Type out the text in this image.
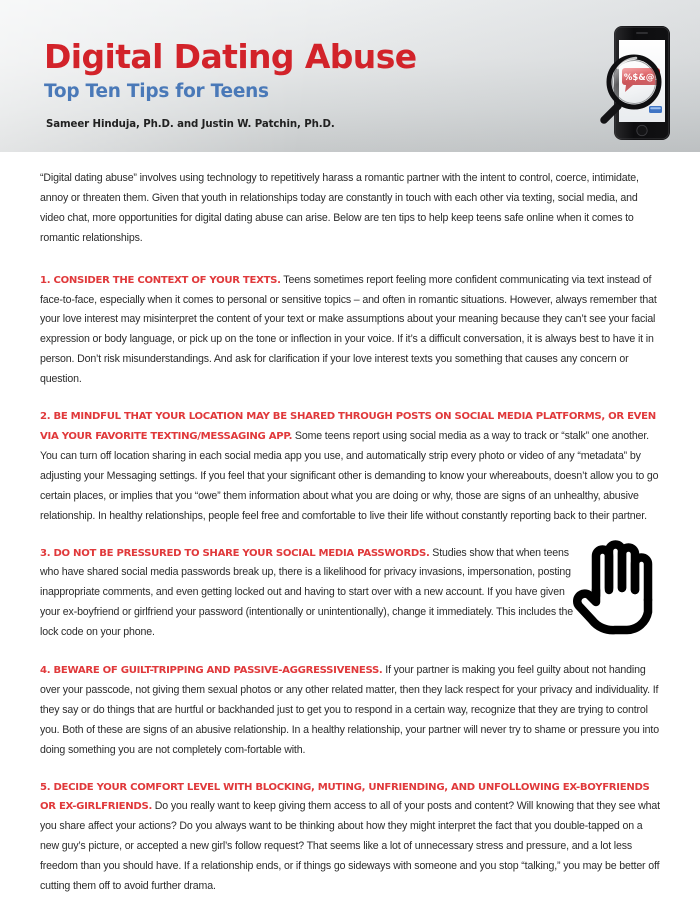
Digital Dating Abuse
Top Ten Tips for Teens
Sameer Hinduja, Ph.D. and Justin W. Patchin, Ph.D.

“Digital dating abuse” involves using technology to repetitively harass a romantic partner with the intent to control, coerce, intimidate, annoy or threaten them. Given that youth in relationships today are constantly in touch with each other via texting, social media, and video chat, more opportunities for digital dating abuse can arise. Below are ten tips to help keep teens safe online when it comes to romantic relationships.

1. CONSIDER THE CONTEXT OF YOUR TEXTS. Teens sometimes report feeling more confident communicating via text instead of face-to-face, especially when it comes to personal or sensitive topics – and often in romantic situations. However, always remember that your love interest may misinterpret the content of your text or make assumptions about your meaning because they can’t see your facial expression or body language, or pick up on the tone or inflection in your voice. If it’s a difficult conversation, it is always best to have it in person. Don’t risk misunderstandings. And ask for clarification if your love interest texts you something that causes any concern or question.
2. BE MINDFUL THAT YOUR LOCATION MAY BE SHARED THROUGH POSTS ON SOCIAL MEDIA PLATFORMS, OR EVEN VIA YOUR FAVORITE TEXTING/MESSAGING APP. Some teens report using social media as a way to track or “stalk” one another. You can turn off location sharing in each social media app you use, and automatically strip every photo or video of any “metadata” by adjusting your Messaging settings. If you feel that your significant other is demanding to know your whereabouts, doesn’t allow you to go certain places, or implies that you “owe” them information about what you are doing or why, those are signs of an unhealthy, abusive relationship. In healthy relationships, people feel free and comfortable to live their life without constantly reporting back to their partner.
3. DO NOT BE PRESSURED TO SHARE YOUR SOCIAL MEDIA PASSWORDS. Studies show that when teens who have shared social media passwords break up, there is a likelihood for privacy invasions, impersonation, posting inappropriate comments, and even getting locked out and having to start over with a new account. If you have given your ex-boyfriend or girlfriend your password (intentionally or unintentionally), change it immediately. This includes the lock code on your phone.
4. BEWARE OF GUILT-TRIPPING AND PASSIVE-AGGRESSIVENESS. If your partner is making you feel guilty about not handing over your passcode, not giving them sexual photos or any other related matter, then they lack respect for your privacy and individuality. If they say or do things that are hurtful or backhanded just to get you to respond in a certain way, recognize that they are trying to control you. Both of these are signs of an abusive relationship. In a healthy relationship, your partner will never try to shame or pressure you into doing something you are not completely com-fortable with.
5. DECIDE YOUR COMFORT LEVEL WITH BLOCKING, MUTING, UNFRIENDING, AND UNFOLLOWING EX-BOYFRIENDS OR EX-GIRLFRIENDS. Do you really want to keep giving them access to all of your posts and content? Will knowing that they see what you share affect your actions? Do you always want to be thinking about how they might interpret the fact that you double-tapped on a new guy’s picture, or accepted a new girl’s follow request? That seems like a lot of unnecessary stress and pressure, and a lot less freedom than you should have. If a relationship ends, or if things go sideways with someone and you stop “talking,” you may be better off cutting them off to avoid further drama.
